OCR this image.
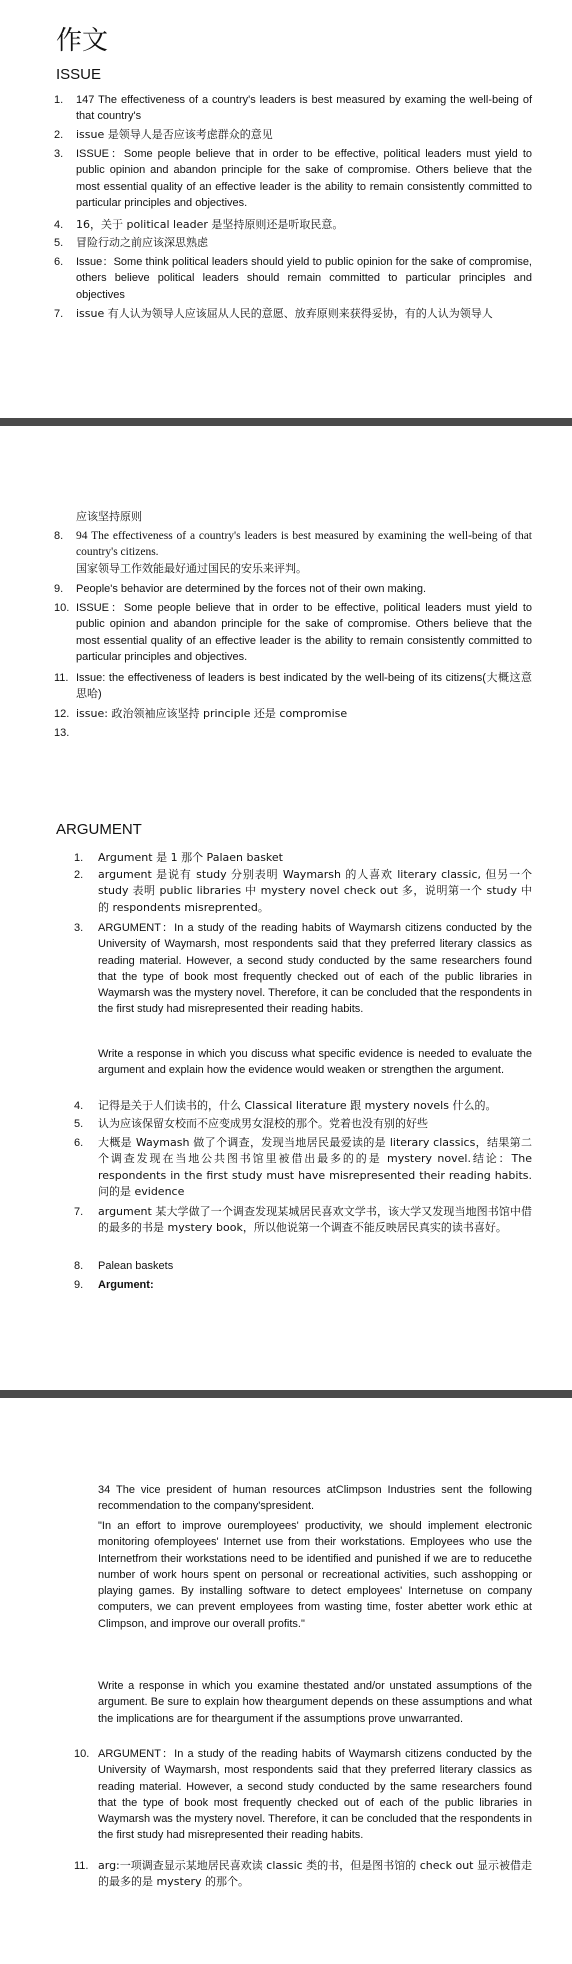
作文
ISSUE
1.	147 The effectiveness of a country's leaders is best measured by examing the well-being of that country's
2.	issue 是领导人是否应该考虑群众的意见
3.	ISSUE：Some people believe that in order to be effective, political leaders must yield to public opinion and abandon principle for the sake of compromise. Others believe that the most essential quality of an effective leader is the ability to remain consistently committed to particular principles and objectives.
4.	16，关于 political leader 是坚持原则还是听取民意。
5.	冒险行动之前应该深思熟虑
6.	Issue：Some think political leaders should yield to public opinion for the sake of compromise, others believe political leaders should remain committed to particular principles and objectives
7.	issue 有人认为领导人应该屈从人民的意愿、放弃原则来获得妥协，有的人认为领导人
应该坚持原则
8.	94 The effectiveness of a country's leaders is best measured by examining the well-being of that country's citizens.
国家领导工作效能最好通过国民的安乐来评判。
9.	People's behavior are determined by the forces not of their own making.
10. ISSUE：Some people believe that in order to be effective, political leaders must yield to public opinion and abandon principle for the sake of compromise. Others believe that the most essential quality of an effective leader is the ability to remain consistently committed to particular principles and objectives.
11. Issue: the effectiveness of leaders is best indicated by the well-being of its citizens(大概这意思哈)
12. issue: 政治领袖应该坚持 principle 还是 compromise
13.
ARGUMENT
1.	Argument 是 1 那个 Palaen basket
2.	argument 是说有 study 分别表明 Waymarsh 的人喜欢 literary classic, 但另一个 study 表明 public libraries 中 mystery novel check out 多，说明第一个 study 中的 respondents misreprented。
3.	ARGUMENT：In a study of the reading habits of Waymarsh citizens conducted by the University of Waymarsh, most respondents said that they preferred literary classics as reading material. However, a second study conducted by the same researchers found that the type of book most frequently checked out of each of the public libraries in Waymarsh was the mystery novel. Therefore, it can be concluded that the respondents in the first study had misrepresented their reading habits.
Write a response in which you discuss what specific evidence is needed to evaluate the argument and explain how the evidence would weaken or strengthen the argument.
4.	记得是关于人们读书的，什么 Classical literature 跟 mystery novels 什么的。
5.	认为应该保留女校而不应变成男女混校的那个。党着也没有别的好些
6.	大概是 Waymash 做了个调查，发现当地居民最爱读的是 literary classics，结果第二个调查发现在当地公共图书馆里被借出最多的的是 mystery novel.结论：The respondents in the first study must have misrepresented their reading habits. 问的是 evidence
7.	argument 某大学做了一个调查发现某城居民喜欢文学书，该大学又发现当地图书馆中借的最多的书是 mystery book，所以他说第一个调查不能反映居民真实的读书喜好。
8.	Palean baskets
9.	Argument:
34 The vice president of human resources atClimpson Industries sent the following recommendation to the company'spresident.
"In an effort to improve ouremployees' productivity, we should implement electronic monitoring ofemployees' Internet use from their workstations. Employees who use the Internetfrom their workstations need to be identified and punished if we are to reducethe number of work hours spent on personal or recreational activities, such asshopping or playing games. By installing software to detect employees' Internetuse on company computers, we can prevent employees from wasting time, foster abetter work ethic at Climpson, and improve our overall profits."
Write a response in which you examine thestated and/or unstated assumptions of the argument. Be sure to explain how theargument depends on these assumptions and what the implications are for theargument if the assumptions prove unwarranted.
10. ARGUMENT：In a study of the reading habits of Waymarsh citizens conducted by the University of Waymarsh, most respondents said that they preferred literary classics as reading material. However, a second study conducted by the same researchers found that the type of book most frequently checked out of each of the public libraries in Waymarsh was the mystery novel. Therefore, it can be concluded that the respondents in the first study had misrepresented their reading habits.
11. arg:一项调查显示某地居民喜欢读 classic 类的书，但是图书馆的 check out 显示被借走的最多的是 mystery 的那个。
